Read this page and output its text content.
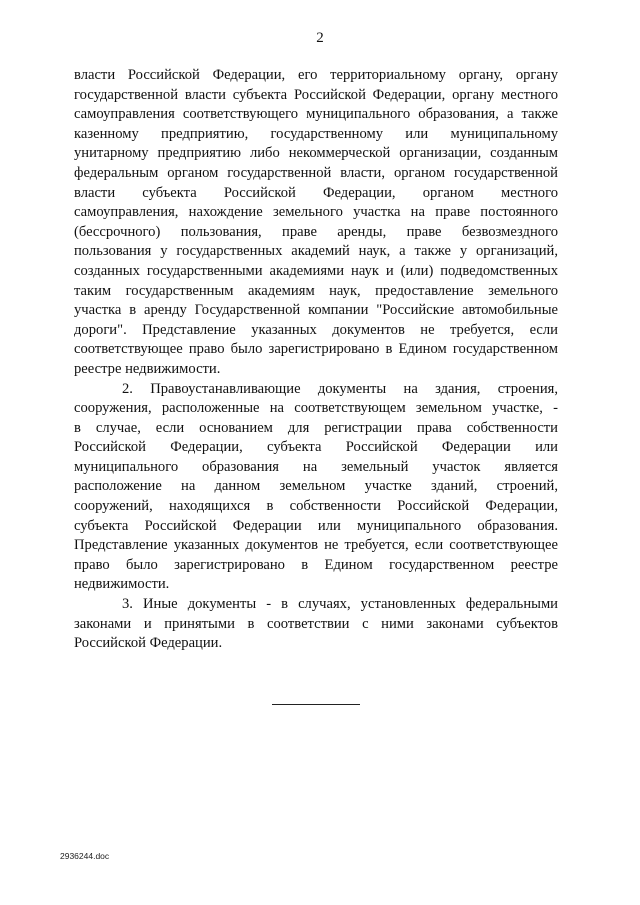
2

власти Российской Федерации, его территориальному органу, органу
государственной власти субъекта Российской Федерации, органу местного
самоуправления соответствующего муниципального образования, а также
казенному предприятию, государственному или муниципальному
унитарному предприятию либо некоммерческой организации, созданным
федеральным органом государственной власти, органом государственной
власти субъекта Российской Федерации, органом местного
самоуправления, нахождение земельного участка на праве постоянного
(бессрочного) пользования, праве аренды, праве безвозмездного
пользования у государственных академий наук, а также у организаций,
созданных государственными академиями наук и (или) подведомственных
таким государственным академиям наук, предоставление земельного
участка в аренду Государственной компании "Российские автомобильные
дороги". Представление указанных документов не требуется, если
соответствующее право было зарегистрировано в Едином государственном
реестре недвижимости.

2. Правоустанавливающие документы на здания, строения,
сооружения, расположенные на соответствующем земельном участке, -
в случае, если основанием для регистрации права собственности
Российской Федерации, субъекта Российской Федерации или
муниципального образования на земельный участок является
расположение на данном земельном участке зданий, строений,
сооружений, находящихся в собственности Российской Федерации,
субъекта Российской Федерации или муниципального образования.
Представление указанных документов не требуется, если соответствующее
право было зарегистрировано в Едином государственном реестре
недвижимости.

3. Иные документы - в случаях, установленных федеральными
законами и принятыми в соответствии с ними законами субъектов
Российской Федерации.

2936244.doc
